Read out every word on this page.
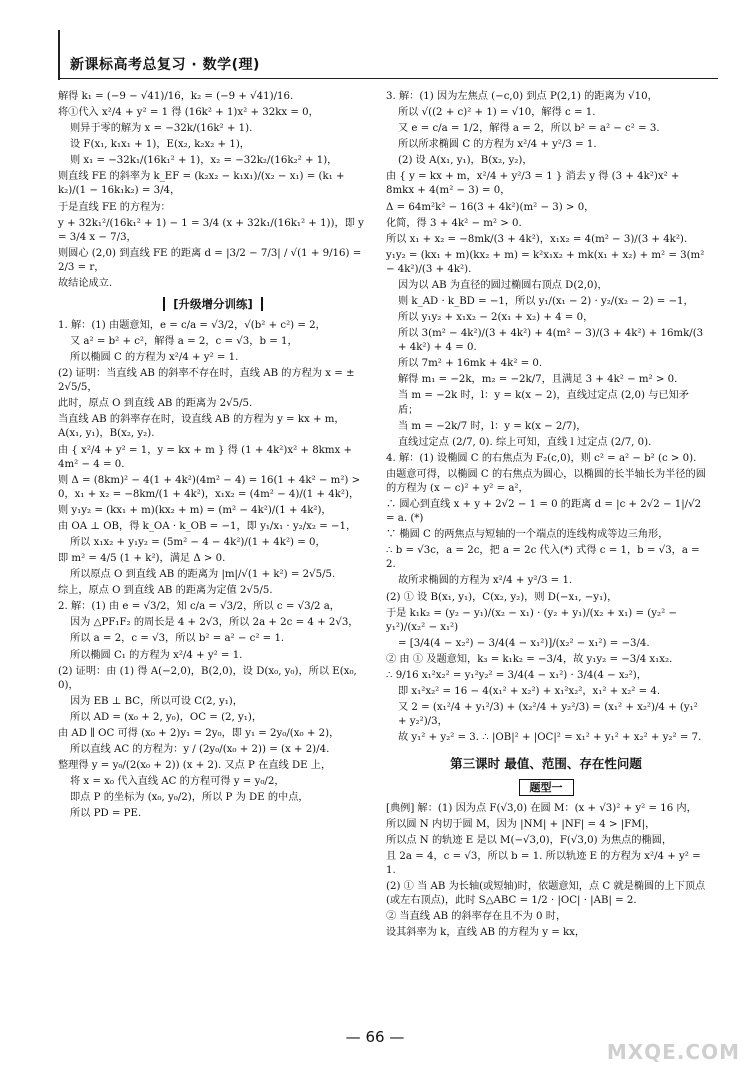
新课标高考总复习 · 数学(理)

解得 k₁ = (−9 − √41)/16，k₂ = (−9 + √41)/16.

将①代入 x²/4 + y² = 1 得 (16k² + 1)x² + 32kx = 0，

则异于零的解为 x = −32k/(16k² + 1).

设 F(x₁, k₁x₁ + 1)，E(x₂, k₂x₂ + 1)，

则 x₁ = −32k₁/(16k₁² + 1)，x₂ = −32k₂/(16k₂² + 1)，

则直线 FE 的斜率为 k_EF = (k₂x₂ − k₁x₁)/(x₂ − x₁) = (k₁ + k₂)/(1 − 16k₁k₂) = 3/4，

于是直线 FE 的方程为：

y + 32k₁²/(16k₁² + 1) − 1 = 3/4 (x + 32k₁/(16k₁² + 1))，即 y = 3/4 x − 7/3，

则圆心 (2,0) 到直线 FE 的距离 d = |3/2 − 7/3| / √(1 + 9/16) = 2/3 = r，

故结论成立.

[升级增分训练]

1. 解：(1) 由题意知，e = c/a = √3/2，√(b² + c²) = 2，

又 a² = b² + c²，解得 a = 2，c = √3，b = 1，

所以椭圆 C 的方程为 x²/4 + y² = 1.

(2) 证明：当直线 AB 的斜率不存在时，直线 AB 的方程为 x = ± 2√5/5，

此时，原点 O 到直线 AB 的距离为 2√5/5.

当直线 AB 的斜率存在时，设直线 AB 的方程为 y = kx + m，A(x₁, y₁)，B(x₂, y₂).

由 { x²/4 + y² = 1，y = kx + m } 得 (1 + 4k²)x² + 8kmx + 4m² − 4 = 0.

则 Δ = (8km)² − 4(1 + 4k²)(4m² − 4) = 16(1 + 4k² − m²) > 0，x₁ + x₂ = −8km/(1 + 4k²)，x₁x₂ = (4m² − 4)/(1 + 4k²)，

则 y₁y₂ = (kx₁ + m)(kx₂ + m) = (m² − 4k²)/(1 + 4k²)，

由 OA ⊥ OB，得 k_OA · k_OB = −1，即 y₁/x₁ · y₂/x₂ = −1，

所以 x₁x₂ + y₁y₂ = (5m² − 4 − 4k²)/(1 + 4k²) = 0，

即 m² = 4/5 (1 + k²)，满足 Δ > 0.

所以原点 O 到直线 AB 的距离为 |m|/√(1 + k²) = 2√5/5.

综上，原点 O 到直线 AB 的距离为定值 2√5/5.

2. 解：(1) 由 e = √3/2，知 c/a = √3/2，所以 c = √3/2 a，

因为 △PF₁F₂ 的周长是 4 + 2√3，所以 2a + 2c = 4 + 2√3，

所以 a = 2，c = √3，所以 b² = a² − c² = 1.

所以椭圆 C₁ 的方程为 x²/4 + y² = 1.

(2) 证明：由 (1) 得 A(−2,0)，B(2,0)，设 D(x₀, y₀)，所以 E(x₀, 0)，

因为 EB ⊥ BC，所以可设 C(2, y₁)，

所以 AD = (x₀ + 2, y₀)，OC = (2, y₁)，

由 AD ∥ OC 可得 (x₀ + 2)y₁ = 2y₀，即 y₁ = 2y₀/(x₀ + 2)，

所以直线 AC 的方程为：y / (2y₀/(x₀ + 2)) = (x + 2)/4.

整理得 y = y₀/(2(x₀ + 2)) (x + 2). 又点 P 在直线 DE 上，

将 x = x₀ 代入直线 AC 的方程可得 y = y₀/2，

即点 P 的坐标为 (x₀, y₀/2)，所以 P 为 DE 的中点，

所以 PD = PE.

3. 解：(1) 因为左焦点 (−c,0) 到点 P(2,1) 的距离为 √10，

所以 √((2 + c)² + 1) = √10，解得 c = 1.

又 e = c/a = 1/2，解得 a = 2，所以 b² = a² − c² = 3.

所以所求椭圆 C 的方程为 x²/4 + y²/3 = 1.

(2) 设 A(x₁, y₁)，B(x₂, y₂)，

由 { y = kx + m，x²/4 + y²/3 = 1 } 消去 y 得 (3 + 4k²)x² + 8mkx + 4(m² − 3) = 0，

Δ = 64m²k² − 16(3 + 4k²)(m² − 3) > 0，

化简，得 3 + 4k² − m² > 0.

所以 x₁ + x₂ = −8mk/(3 + 4k²)，x₁x₂ = 4(m² − 3)/(3 + 4k²).

y₁y₂ = (kx₁ + m)(kx₂ + m) = k²x₁x₂ + mk(x₁ + x₂) + m² = 3(m² − 4k²)/(3 + 4k²).

因为以 AB 为直径的圆过椭圆右顶点 D(2,0)，

则 k_AD · k_BD = −1，所以 y₁/(x₁ − 2) · y₂/(x₂ − 2) = −1，

所以 y₁y₂ + x₁x₂ − 2(x₁ + x₂) + 4 = 0，

所以 3(m² − 4k²)/(3 + 4k²) + 4(m² − 3)/(3 + 4k²) + 16mk/(3 + 4k²) + 4 = 0.

所以 7m² + 16mk + 4k² = 0.

解得 m₁ = −2k，m₂ = −2k/7，且满足 3 + 4k² − m² > 0.

当 m = −2k 时，l：y = k(x − 2)，直线过定点 (2,0) 与已知矛盾；

当 m = −2k/7 时，l：y = k(x − 2/7)，

直线过定点 (2/7, 0). 综上可知，直线 l 过定点 (2/7, 0).

4. 解：(1) 设椭圆 C 的右焦点为 F₂(c,0)，则 c² = a² − b² (c > 0).

由题意可得，以椭圆 C 的右焦点为圆心，以椭圆的长半轴长为半径的圆的方程为 (x − c)² + y² = a²，

∴ 圆心到直线 x + y + 2√2 − 1 = 0 的距离 d = |c + 2√2 − 1|/√2 = a. (*)

∵ 椭圆 C 的两焦点与短轴的一个端点的连线构成等边三角形，

∴ b = √3c，a = 2c，把 a = 2c 代入(*) 式得 c = 1，b = √3，a = 2.

故所求椭圆的方程为 x²/4 + y²/3 = 1.

(2) ① 设 B(x₁, y₁)，C(x₂, y₂)，则 D(−x₁, −y₁)，

于是 k₁k₂ = (y₂ − y₁)/(x₂ − x₁) · (y₂ + y₁)/(x₂ + x₁) = (y₂² − y₁²)/(x₂² − x₁²)

= [3/4(4 − x₂²) − 3/4(4 − x₁²)]/(x₂² − x₁²) = −3/4.

② 由 ① 及题意知，k₃ = k₁k₂ = −3/4，故 y₁y₂ = −3/4 x₁x₂.

∴ 9/16 x₁²x₂² = y₁²y₂² = 3/4(4 − x₁²) · 3/4(4 − x₂²)，

即 x₁²x₂² = 16 − 4(x₁² + x₂²) + x₁²x₂²，x₁² + x₂² = 4.

又 2 = (x₁²/4 + y₁²/3) + (x₂²/4 + y₂²/3) = (x₁² + x₂²)/4 + (y₁² + y₂²)/3，

故 y₁² + y₂² = 3. ∴ |OB|² + |OC|² = x₁² + y₁² + x₂² + y₂² = 7.

第三课时 最值、范围、存在性问题
题型一

[典例] 解：(1) 因为点 F(√3,0) 在圆 M：(x + √3)² + y² = 16 内，

所以圆 N 内切于圆 M，因为 |NM| + |NF| = 4 > |FM|，

所以点 N 的轨迹 E 是以 M(−√3,0)，F(√3,0) 为焦点的椭圆，

且 2a = 4，c = √3，所以 b = 1. 所以轨迹 E 的方程为 x²/4 + y² = 1.

(2) ① 当 AB 为长轴(或短轴)时，依题意知，点 C 就是椭圆的上下顶点(或左右顶点)，此时 S△ABC = 1/2 · |OC| · |AB| = 2.

② 当直线 AB 的斜率存在且不为 0 时，

设其斜率为 k，直线 AB 的方程为 y = kx，

— 66 —
MXQE.COM
